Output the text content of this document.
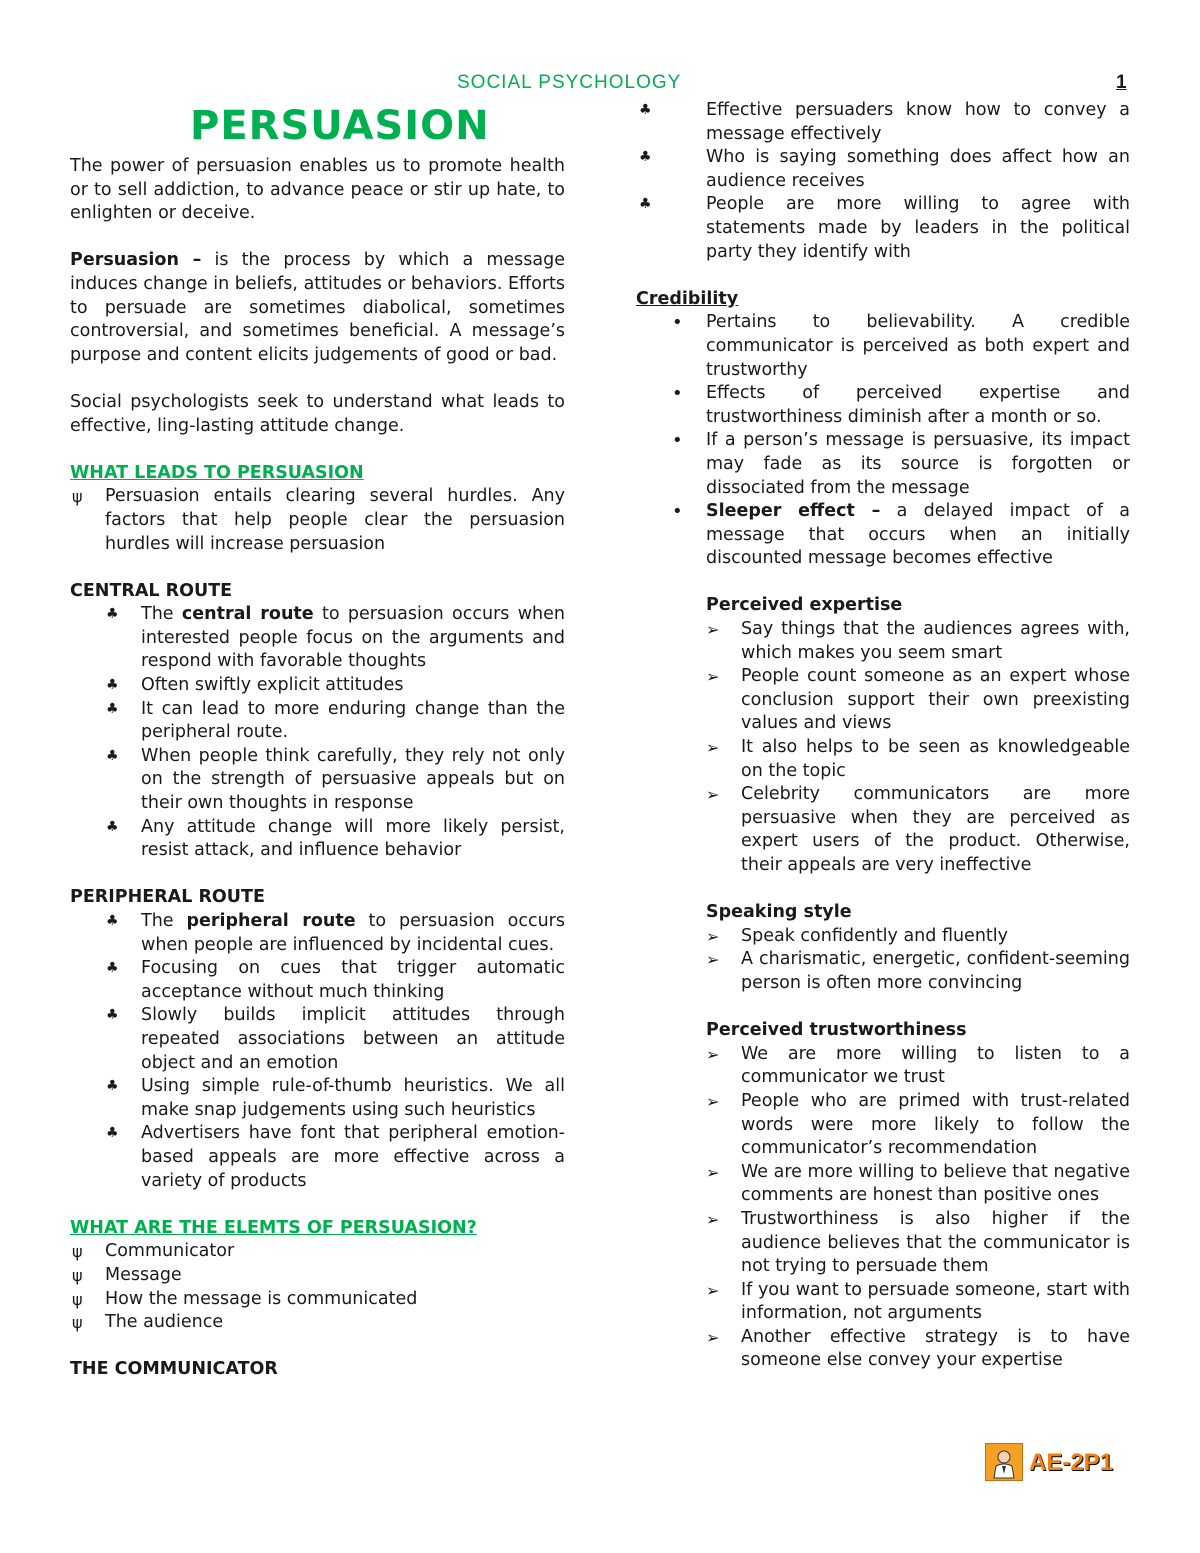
SOCIAL PSYCHOLOGY	1
PERSUASION

The power of persuasion enables us to promote health or to sell addiction, to advance peace or stir up hate, to enlighten or deceive.

Persuasion – is the process by which a message induces change in beliefs, attitudes or behaviors. Efforts to persuade are sometimes diabolical, sometimes controversial, and sometimes beneficial. A message’s purpose and content elicits judgements of good or bad.

Social psychologists seek to understand what leads to effective, ling-lasting attitude change.

WHAT LEADS TO PERSUASION

ψ Persuasion entails clearing several hurdles. Any factors that help people clear the persuasion hurdles will increase persuasion

CENTRAL ROUTE

♣ The central route to persuasion occurs when interested people focus on the arguments and respond with favorable thoughts
♣ Often swiftly explicit attitudes
♣ It can lead to more enduring change than the peripheral route.
♣ When people think carefully, they rely not only on the strength of persuasive appeals but on their own thoughts in response
♣ Any attitude change will more likely persist, resist attack, and influence behavior

PERIPHERAL ROUTE

♣ The peripheral route to persuasion occurs when people are influenced by incidental cues.
♣ Focusing on cues that trigger automatic acceptance without much thinking
♣ Slowly builds implicit attitudes through repeated associations between an attitude object and an emotion
♣ Using simple rule-of-thumb heuristics. We all make snap judgements using such heuristics
♣ Advertisers have font that peripheral emotion-based appeals are more effective across a variety of products

WHAT ARE THE ELEMTS OF PERSUASION?

ψ Communicator
ψ Message
ψ How the message is communicated
ψ The audience

THE COMMUNICATOR

♣	Effective persuaders know how to convey a message effectively
♣	Who is saying something does affect how an audience receives
♣	People are more willing to agree with statements made by leaders in the political party they identify with

Credibility

• Pertains to believability. A credible communicator is perceived as both expert and trustworthy
• Effects of perceived expertise and trustworthiness diminish after a month or so.
• If a person’s message is persuasive, its impact may fade as its source is forgotten or dissociated from the message
• Sleeper effect – a delayed impact of a message that occurs when an initially discounted message becomes effective

Perceived expertise

➢ Say things that the audiences agrees with, which makes you seem smart
➢ People count someone as an expert whose conclusion support their own preexisting values and views
➢ It also helps to be seen as knowledgeable on the topic
➢ Celebrity communicators are more persuasive when they are perceived as expert users of the product. Otherwise, their appeals are very ineffective

Speaking style

➢ Speak confidently and fluently
➢ A charismatic, energetic, confident-seeming person is often more convincing

Perceived trustworthiness

➢ We are more willing to listen to a communicator we trust
➢ People who are primed with trust-related words were more likely to follow the communicator’s recommendation
➢ We are more willing to believe that negative comments are honest than positive ones
➢ Trustworthiness is also higher if the audience believes that the communicator is not trying to persuade them
➢ If you want to persuade someone, start with information, not arguments
➢ Another effective strategy is to have someone else convey your expertise
AE-2P1
